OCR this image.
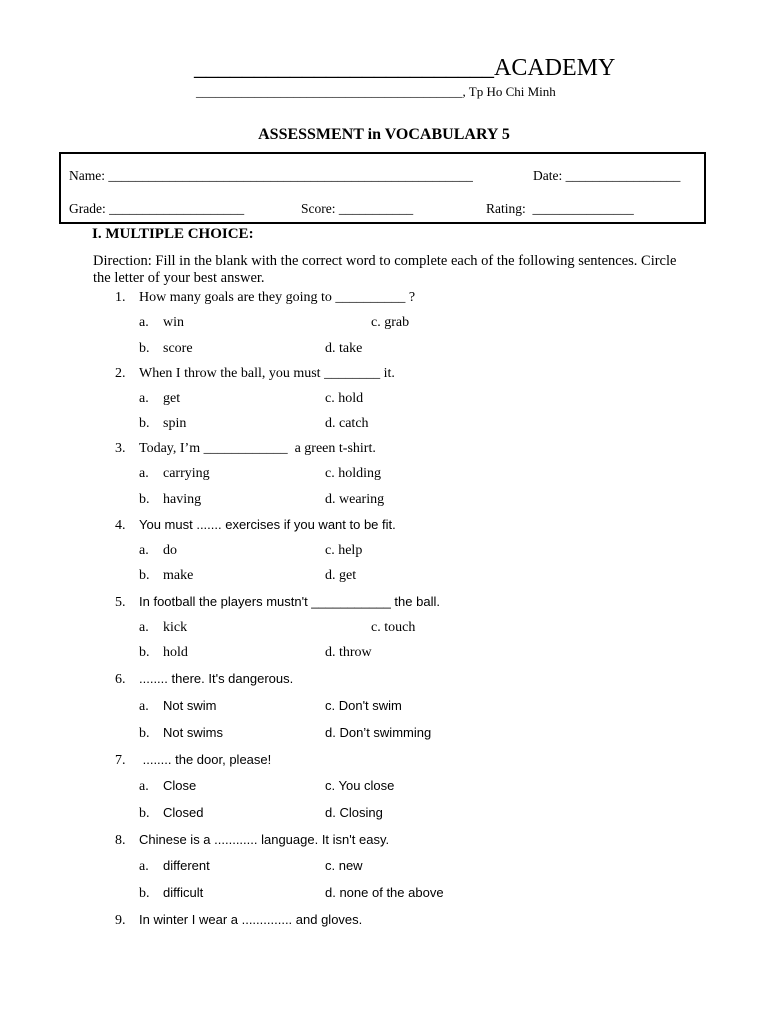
_________________________ACADEMY
_________________________________________, Tp Ho Chi Minh
ASSESSMENT in VOCABULARY 5
Name: ______________________________________________________	Date: _________________
Grade: ____________________	Score: ___________	Rating:  _______________
I. MULTIPLE CHOICE:
Direction: Fill in the blank with the correct word to complete each of the following sentences. Circle the letter of your best answer.
1. How many goals are they going to __________ ?
a. win	c. grab
b. score	d. take
2. When I throw the ball, you must ________ it.
a. get	c. hold
b. spin	d. catch
3. Today, I’m ____________  a green t-shirt.
a. carrying	c. holding
b. having	d. wearing
4. You must ....... exercises if you want to be fit.
a. do	c. help
b. make	d. get
5. In football the players mustn't ___________ the ball.
a. kick	c. touch
b. hold	d. throw
6. ........ there. It's dangerous.
a. Not swim	c. Don't swim
b. Not swims	d. Don’t swimming
7. ........ the door, please!
a. Close	c. You close
b. Closed	d. Closing
8. Chinese is a ............ language. It isn't easy.
a. different	c. new
b. difficult	d. none of the above
9. In winter I wear a .............. and gloves.
